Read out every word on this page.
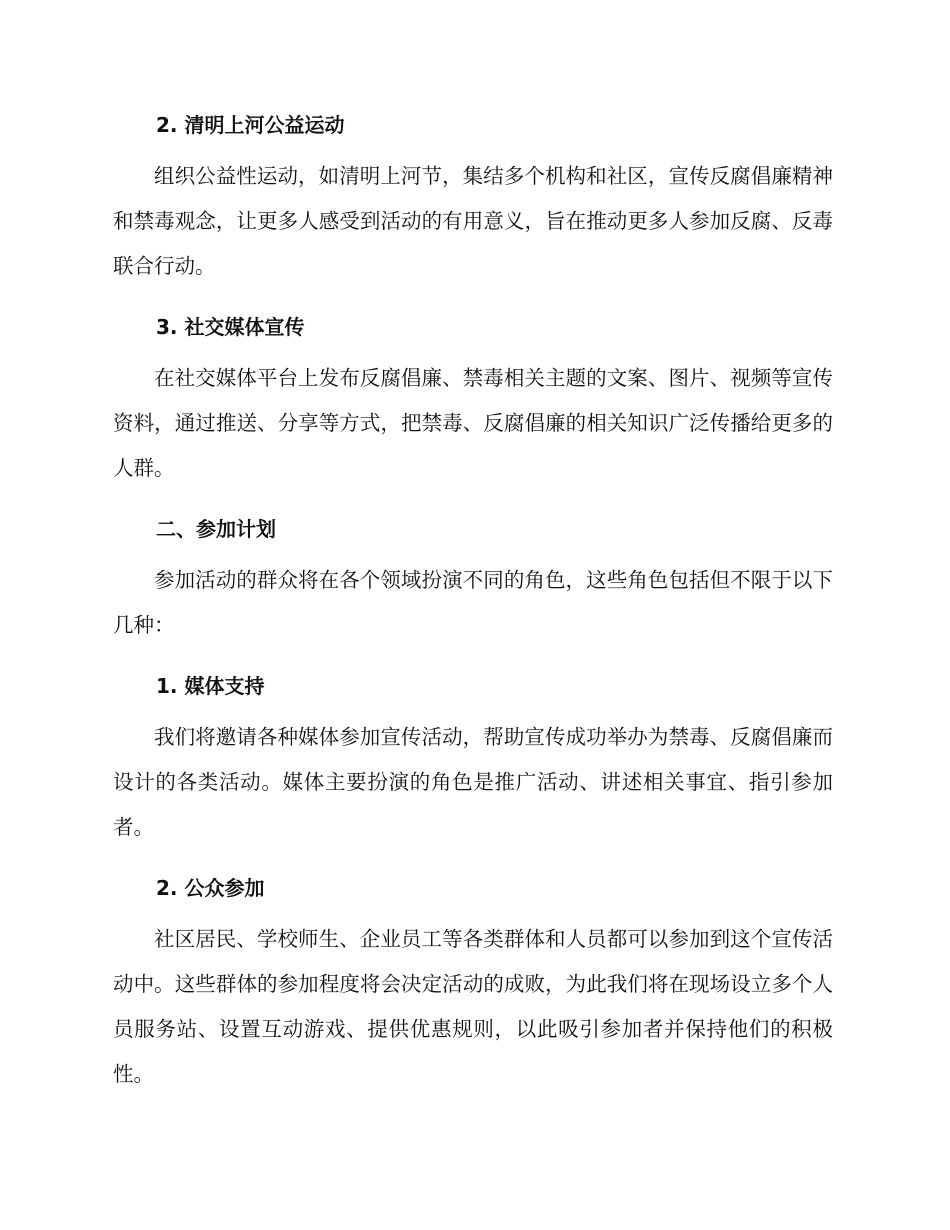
2. 清明上河公益运动

组织公益性运动，如清明上河节，集结多个机构和社区，宣传反腐倡廉精神和禁毒观念，让更多人感受到活动的有用意义，旨在推动更多人参加反腐、反毒联合行动。

3. 社交媒体宣传

在社交媒体平台上发布反腐倡廉、禁毒相关主题的文案、图片、视频等宣传资料，通过推送、分享等方式，把禁毒、反腐倡廉的相关知识广泛传播给更多的人群。

二、参加计划

参加活动的群众将在各个领域扮演不同的角色，这些角色包括但不限于以下几种：

1. 媒体支持

我们将邀请各种媒体参加宣传活动，帮助宣传成功举办为禁毒、反腐倡廉而设计的各类活动。媒体主要扮演的角色是推广活动、讲述相关事宜、指引参加者。

2. 公众参加

社区居民、学校师生、企业员工等各类群体和人员都可以参加到这个宣传活动中。这些群体的参加程度将会决定活动的成败，为此我们将在现场设立多个人员服务站、设置互动游戏、提供优惠规则，以此吸引参加者并保持他们的积极性。
